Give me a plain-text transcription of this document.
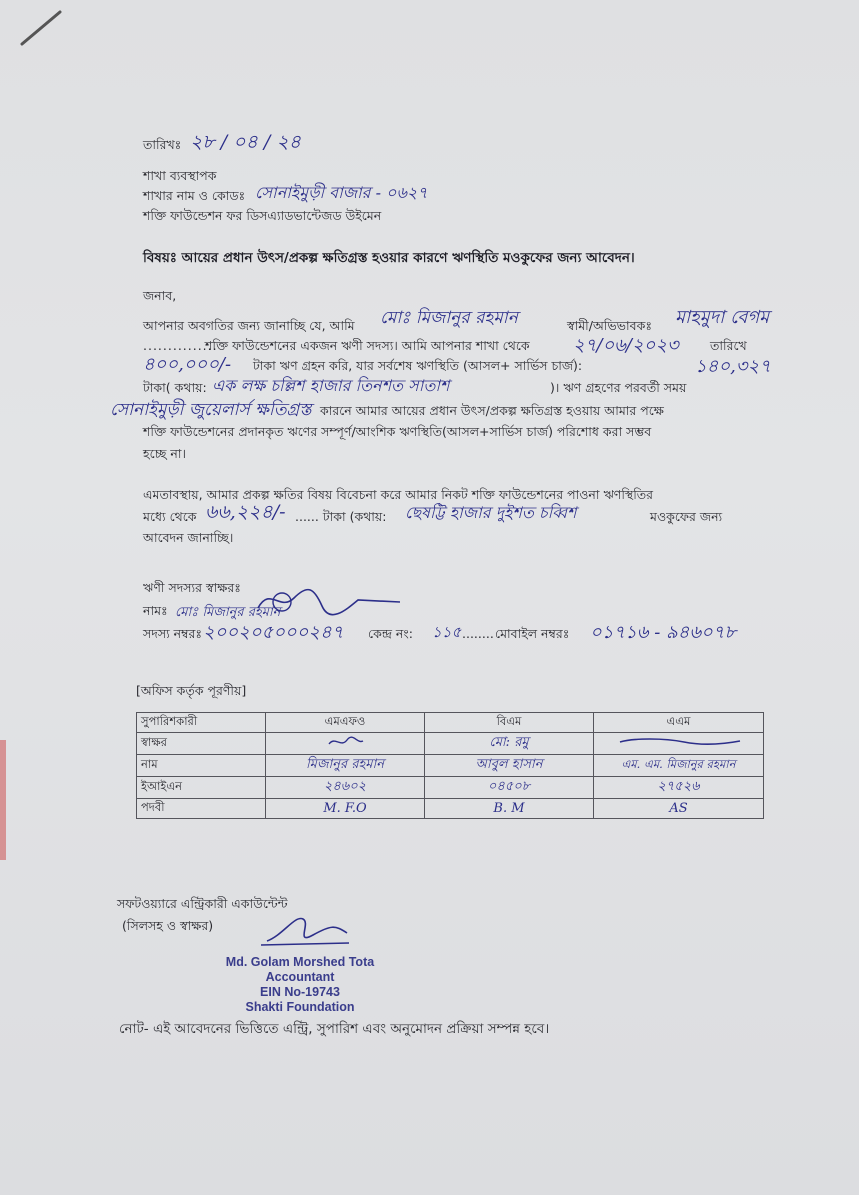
তারিখঃ ২৮ / ০৪ / ২৪
শাখা ব্যবস্থাপক
শাখার নাম ও কোডঃ সোনাইমুড়ী বাজার - ০৬২৭
শক্তি ফাউন্ডেশন ফর ডিসএ্যাডভান্টেজড উইমেন
বিষয়ঃ আয়ের প্রধান উৎস/প্রকল্প ক্ষতিগ্রস্ত হওয়ার কারণে ঋণস্থিতি মওকুফের জন্য আবেদন।
জনাব,
আপনার অবগতির জন্য জানাচ্ছি যে, আমি মোঃ মিজানুর রহমান	স্বামী/অভিভাবকঃ মাহমুদা বেগম
...............
শক্তি ফাউন্ডেশনের একজন ঋণী সদস্য। আমি আপনার শাখা থেকে ২৭/০৬/২০২৩ তারিখে
৪০০,০০০/- টাকা ঋণ গ্রহন করি, যার সর্বশেষ ঋণস্থিতি (আসল+ সার্ভিস চার্জ):	১৪০,৩২৭
টাকা( কথায়: এক লক্ষ চল্লিশ হাজার তিনশত সাতাশ	)। ঋণ গ্রহণের পরবর্তী সময়
সোনাইমুড়ী জুয়েলার্স ক্ষতিগ্রস্ত কারনে আমার আয়ের প্রধান উৎস/প্রকল্প ক্ষতিগ্রস্ত হওয়ায় আমার পক্ষে
শক্তি ফাউন্ডেশনের প্রদানকৃত ঋণের সম্পূর্ণ/আংশিক ঋণস্থিতি(আসল+সার্ভিস চার্জ) পরিশোধ করা সম্ভব
হচ্ছে না।
এমতাবস্থায়, আমার প্রকল্প ক্ষতির বিষয় বিবেচনা করে আমার নিকট শক্তি ফাউন্ডেশনের পাওনা ঋণস্থিতির
মধ্যে থেকে ৬৬,২২৪/- ...... টাকা (কথায়: ছেষট্টি হাজার দুইশত চব্বিশ	মওকুফের জন্য
আবেদন জানাচ্ছি।
ঋণী সদস্যর স্বাক্ষরঃ
নামঃ মোঃ মিজানুর রহমান
সদস্য নম্বরঃ ২০০২০৫০০০২৪৭ কেন্দ্র নং: ১১৫ ........ মোবাইল নম্বরঃ ০১৭১৬ - ৯৪৬০৭৮
[অফিস কর্তৃক পূরণীয়]
সুপারিশকারী	এমএফও	বিএম	এএম
স্বাক্ষর		মো: রমু	
নাম	মিজানুর রহমান	আবুল হাসান	এম. এম. মিজানুর রহমান
ইআইএন	২৪৬০২	০৪৫০৮	২৭৫২৬
পদবী	M. F.O	B. M	AS
সফটওয়্যারে এন্ট্রিকারী একাউন্টেন্ট
(সিলসহ ও স্বাক্ষর)
Md. Golam Morshed Tota
Accountant
EIN No-19743
Shakti Foundation
নোট- এই আবেদনের ভিত্তিতে এন্ট্রি, সুপারিশ এবং অনুমোদন প্রক্রিয়া সম্পন্ন হবে।
